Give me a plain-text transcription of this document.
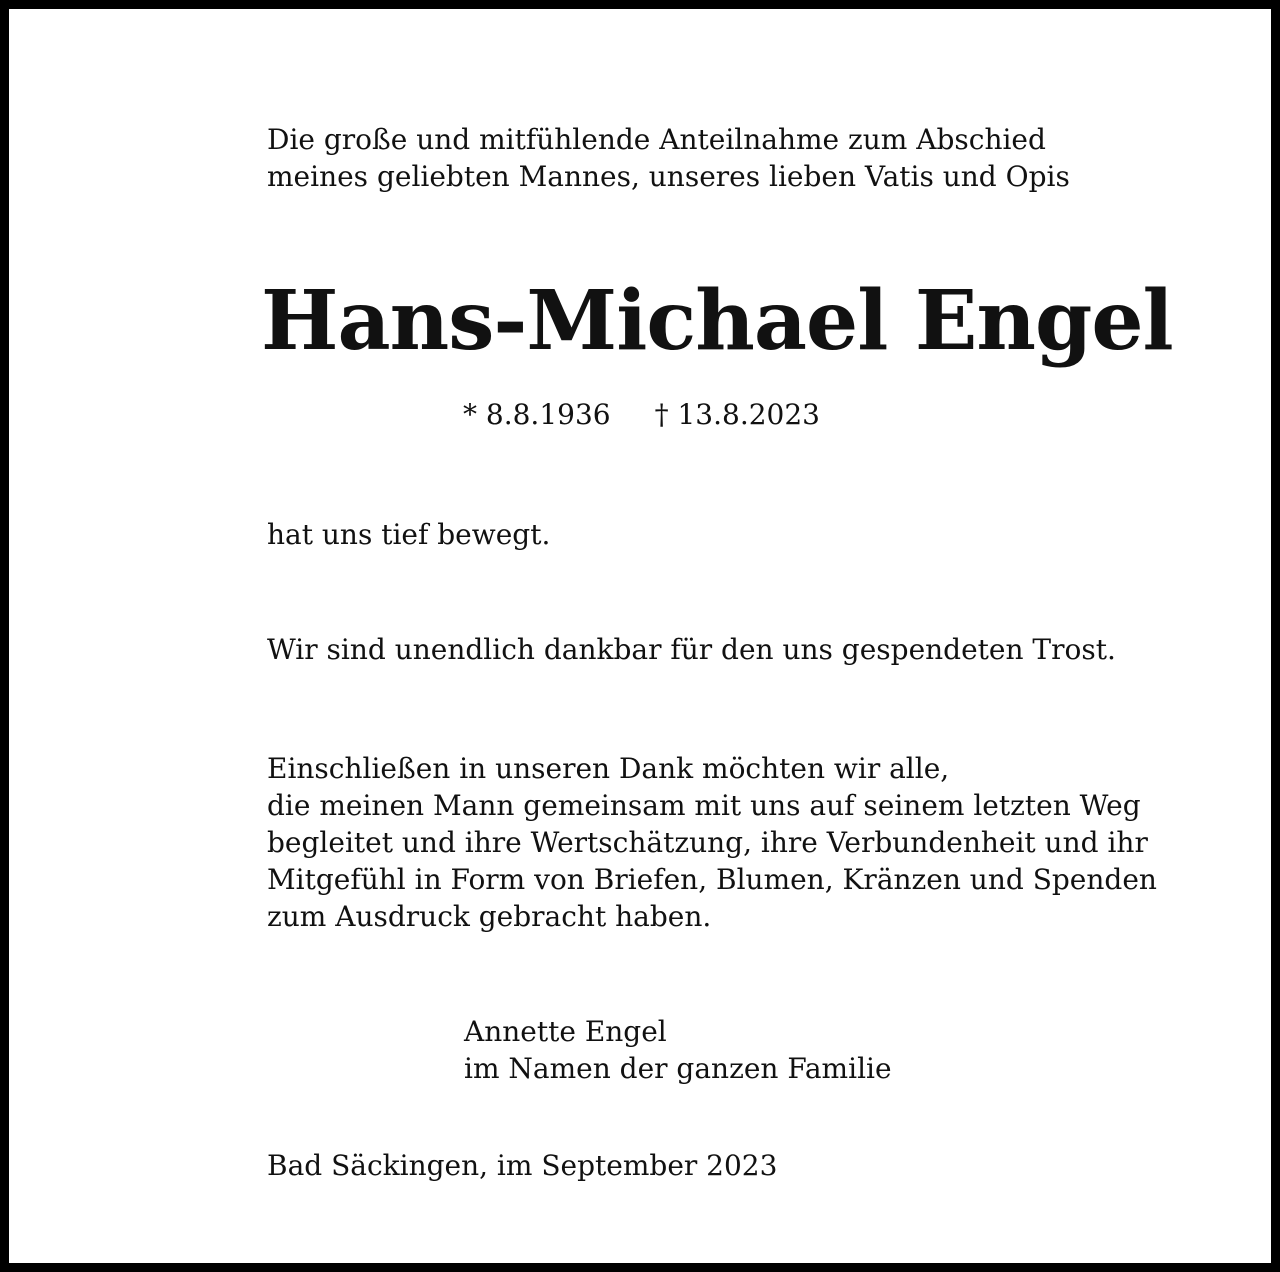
Die große und mitfühlende Anteilnahme zum Abschied
meines geliebten Mannes, unseres lieben Vatis und Opis

Hans-Michael Engel
* 8.8.1936 † 13.8.2023

hat uns tief bewegt.

Wir sind unendlich dankbar für den uns gespendeten Trost.

Einschließen in unseren Dank möchten wir alle,
die meinen Mann gemeinsam mit uns auf seinem letzten Weg
begleitet und ihre Wertschätzung, ihre Verbundenheit und ihr
Mitgefühl in Form von Briefen, Blumen, Kränzen und Spenden
zum Ausdruck gebracht haben.

Annette Engel
im Namen der ganzen Familie

Bad Säckingen, im September 2023
